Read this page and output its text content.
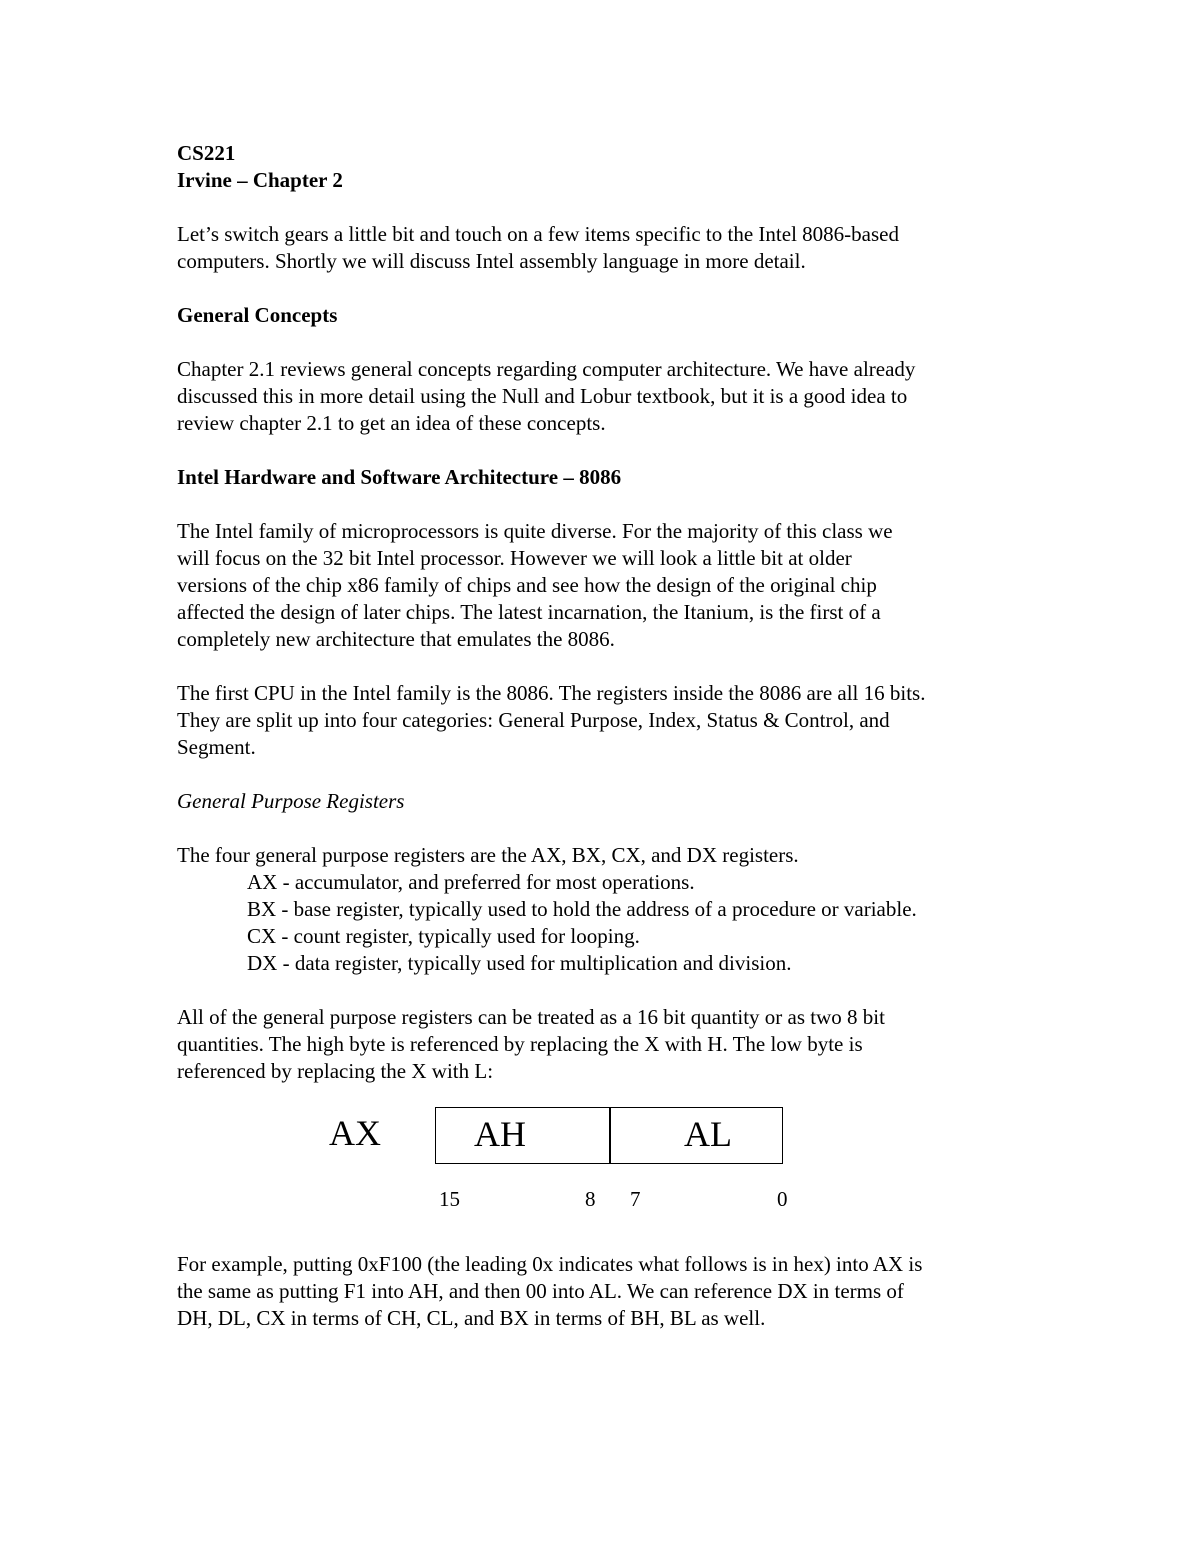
CS221
Irvine – Chapter 2
Let’s switch gears a little bit and touch on a few items specific to the Intel 8086-based
computers. Shortly we will discuss Intel assembly language in more detail.
General Concepts
Chapter 2.1 reviews general concepts regarding computer architecture. We have already
discussed this in more detail using the Null and Lobur textbook, but it is a good idea to
review chapter 2.1 to get an idea of these concepts.
Intel Hardware and Software Architecture – 8086
The Intel family of microprocessors is quite diverse. For the majority of this class we
will focus on the 32 bit Intel processor. However we will look a little bit at older
versions of the chip x86 family of chips and see how the design of the original chip
affected the design of later chips. The latest incarnation, the Itanium, is the first of a
completely new architecture that emulates the 8086.
The first CPU in the Intel family is the 8086. The registers inside the 8086 are all 16 bits.
They are split up into four categories: General Purpose, Index, Status & Control, and
Segment.
General Purpose Registers
The four general purpose registers are the AX, BX, CX, and DX registers.
AX - accumulator, and preferred for most operations.
BX - base register, typically used to hold the address of a procedure or variable.
CX - count register, typically used for looping.
DX - data register, typically used for multiplication and division.
All of the general purpose registers can be treated as a 16 bit quantity or as two 8 bit
quantities. The high byte is referenced by replacing the X with H. The low byte is
referenced by replacing the X with L:
AX	AH	AL
15	8 7	0
For example, putting 0xF100 (the leading 0x indicates what follows is in hex) into AX is
the same as putting F1 into AH, and then 00 into AL. We can reference DX in terms of
DH, DL, CX in terms of CH, CL, and BX in terms of BH, BL as well.
